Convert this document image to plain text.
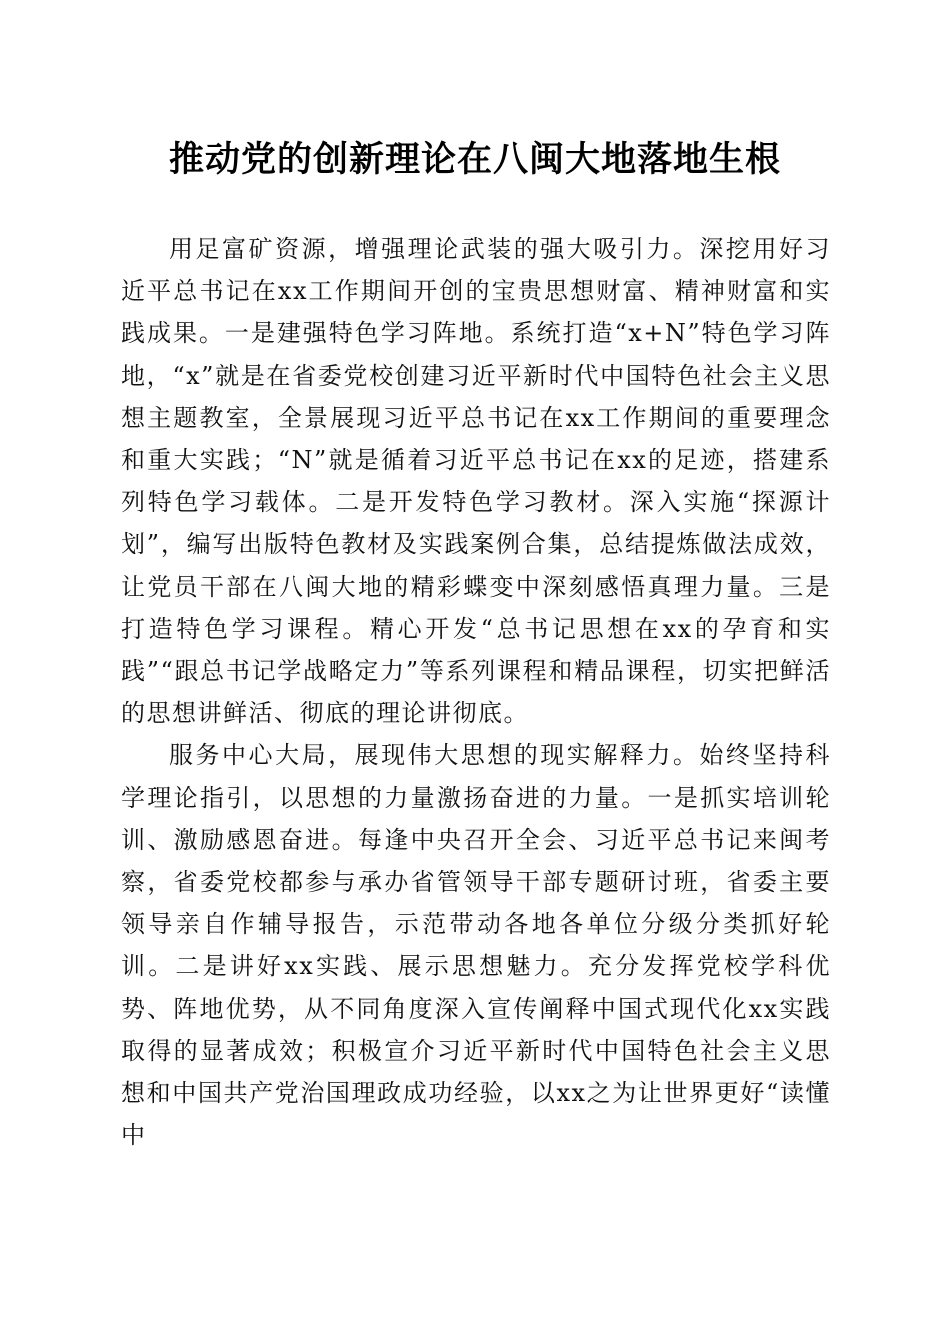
推动党的创新理论在八闽大地落地生根

用足富矿资源，增强理论武装的强大吸引力。深挖用好习近平总书记在xx工作期间开创的宝贵思想财富、精神财富和实践成果。一是建强特色学习阵地。系统打造“x+N”特色学习阵地，“x”就是在省委党校创建习近平新时代中国特色社会主义思想主题教室，全景展现习近平总书记在xx工作期间的重要理念和重大实践；“N”就是循着习近平总书记在xx的足迹，搭建系列特色学习载体。二是开发特色学习教材。深入实施“探源计划”，编写出版特色教材及实践案例合集，总结提炼做法成效，让党员干部在八闽大地的精彩蝶变中深刻感悟真理力量。三是打造特色学习课程。精心开发“总书记思想在xx的孕育和实践”“跟总书记学战略定力”等系列课程和精品课程，切实把鲜活的思想讲鲜活、彻底的理论讲彻底。

服务中心大局，展现伟大思想的现实解释力。始终坚持科学理论指引，以思想的力量激扬奋进的力量。一是抓实培训轮训、激励感恩奋进。每逢中央召开全会、习近平总书记来闽考察，省委党校都参与承办省管领导干部专题研讨班，省委主要领导亲自作辅导报告，示范带动各地各单位分级分类抓好轮训。二是讲好xx实践、展示思想魅力。充分发挥党校学科优势、阵地优势，从不同角度深入宣传阐释中国式现代化xx实践取得的显著成效；积极宣介习近平新时代中国特色社会主义思想和中国共产党治国理政成功经验，以xx之为让世界更好“读懂中
